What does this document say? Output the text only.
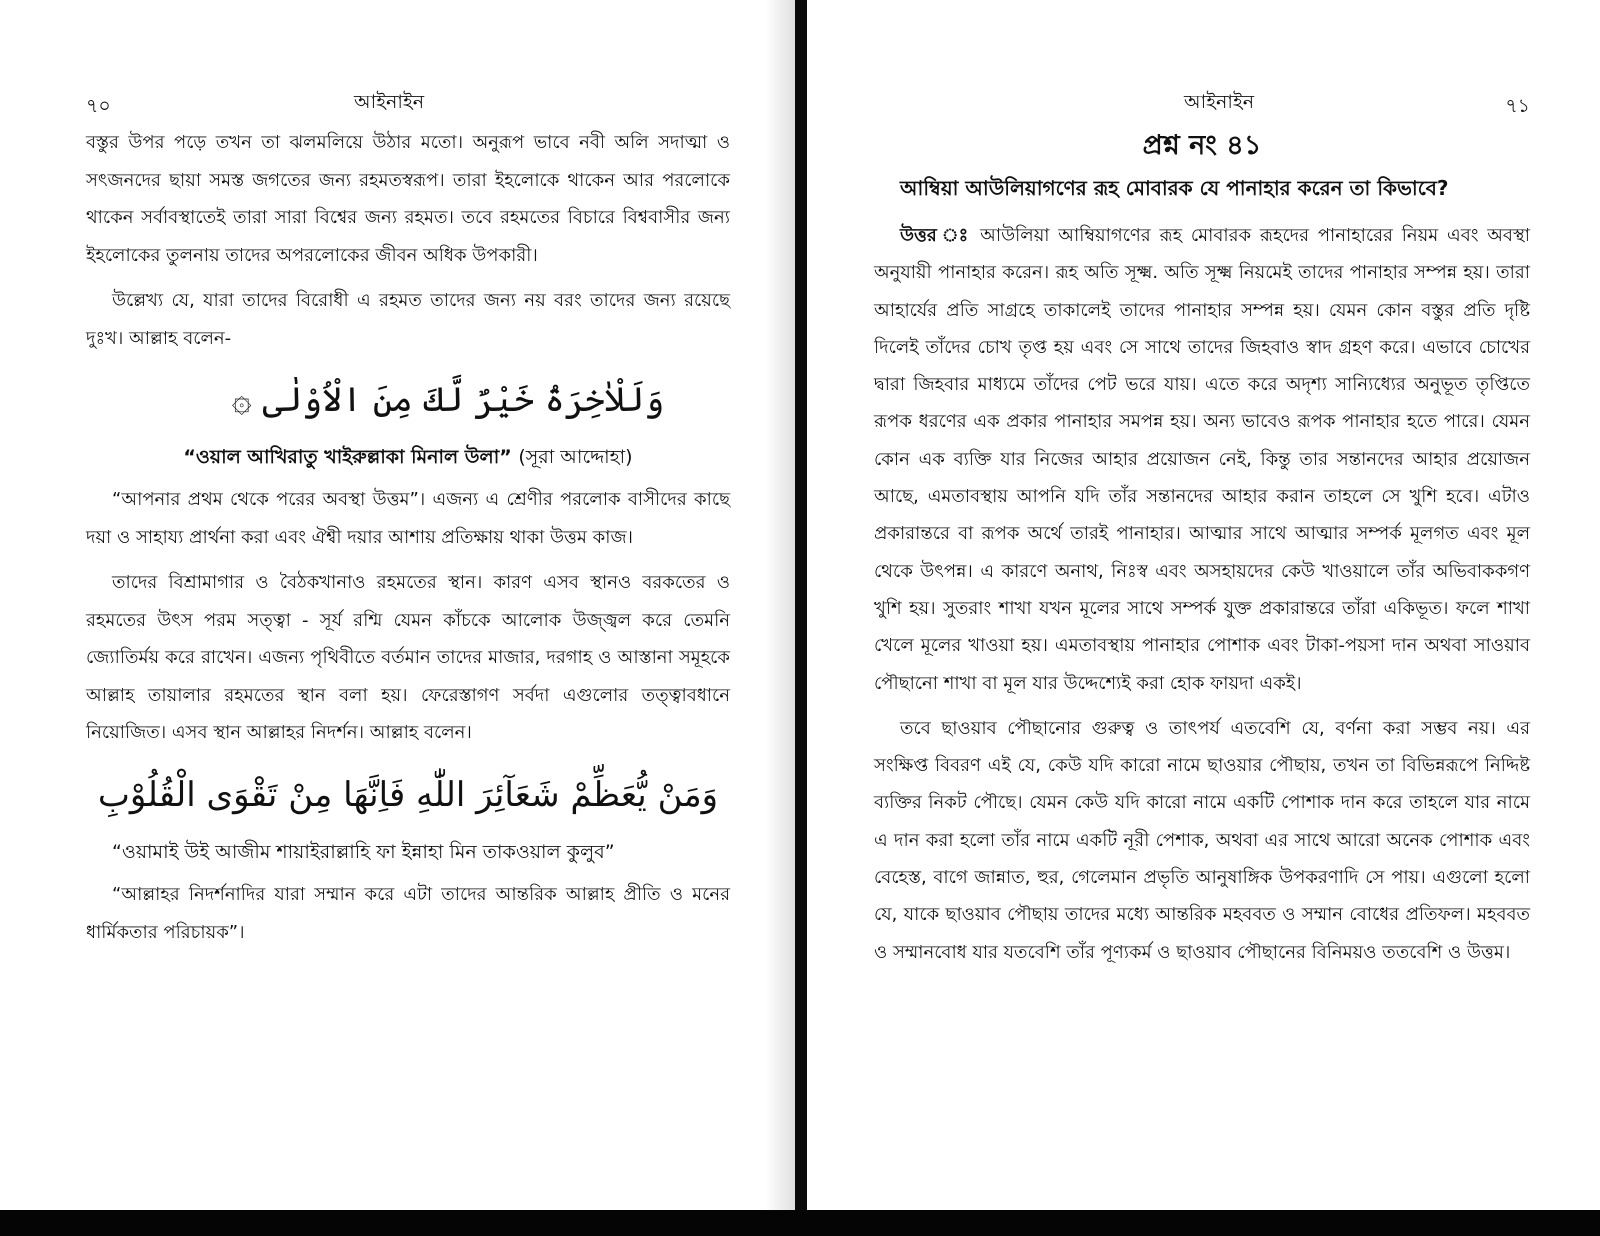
৭০	আইনাইন

বস্তুর উপর পড়ে তখন তা ঝলমলিয়ে উঠার মতো। অনুরূপ ভাবে নবী অলি সদাত্মা ও সৎজনদের ছায়া সমস্ত জগতের জন্য রহমতস্বরূপ। তারা ইহলোকে থাকেন আর পরলোকে থাকেন সর্বাবস্থাতেই তারা সারা বিশ্বের জন্য রহমত। তবে রহমতের বিচারে বিশ্ববাসীর জন্য ইহলোকের তুলনায় তাদের অপরলোকের জীবন অধিক উপকারী।

উল্লেখ্য যে, যারা তাদের বিরোধী এ রহমত তাদের জন্য নয় বরং তাদের জন্য রয়েছে দুঃখ। আল্লাহ বলেন-

وَلَلْاٰخِرَةُ خَيْرٌ لَّكَ مِنَ الْاُوْلٰى ۞
“ওয়াল আখিরাতু খাইরুল্লাকা মিনাল উলা” (সূরা আদ্দোহা)

“আপনার প্রথম থেকে পরের অবস্থা উত্তম”। এজন্য এ শ্রেণীর পরলোক বাসীদের কাছে দয়া ও সাহায্য প্রার্থনা করা এবং ঐশ্বী দয়ার আশায় প্রতিক্ষায় থাকা উত্তম কাজ।

তাদের বিশ্রামাগার ও বৈঠকখানাও রহমতের স্থান। কারণ এসব স্থানও বরকতের ও রহমতের উৎস পরম সত্ত্বা - সূর্য রশ্মি যেমন কাঁচকে আলোক উজ্জ্বল করে তেমনি জ্যোতির্ময় করে রাখেন। এজন্য পৃথিবীতে বর্তমান তাদের মাজার, দরগাহ ও আস্তানা সমূহকে আল্লাহ তায়ালার রহমতের স্থান বলা হয়। ফেরেস্তাগণ সর্বদা এগুলোর তত্ত্বাবধানে নিয়োজিত। এসব স্থান আল্লাহর নিদর্শন। আল্লাহ বলেন।

وَمَنْ يُّعَظِّمْ شَعَآئِرَ اللّٰهِ فَاِنَّهَا مِنْ تَقْوَى الْقُلُوْبِ

“ওয়ামাই উই আজীম শায়াইরাল্লাহি ফা ইন্নাহা মিন তাকওয়াল কুলুব”

“আল্লাহর নিদর্শনাদির যারা সম্মান করে এটা তাদের আন্তরিক আল্লাহ প্রীতি ও মনের ধার্মিকতার পরিচায়ক”।

আইনাইন	৭১
প্রশ্ন নং ৪১
আম্বিয়া আউলিয়াগণের রূহ মোবারক যে পানাহার করেন তা কিভাবে?

উত্তর ঃ আউলিয়া আম্বিয়াগণের রূহ মোবারক রূহদের পানাহারের নিয়ম এবং অবস্থা অনুযায়ী পানাহার করেন। রূহ অতি সূক্ষ্ম. অতি সূক্ষ্ম নিয়মেই তাদের পানাহার সম্পন্ন হয়। তারা আহার্যের প্রতি সাগ্রহে তাকালেই তাদের পানাহার সম্পন্ন হয়। যেমন কোন বস্তুর প্রতি দৃষ্টি দিলেই তাঁদের চোখ তৃপ্ত হয় এবং সে সাথে তাদের জিহবাও স্বাদ গ্রহণ করে। এভাবে চোখের দ্বারা জিহবার মাধ্যমে তাঁদের পেট ভরে যায়। এতে করে অদৃশ্য সান্যিধ্যের অনুভূত তৃপ্তিতে রূপক ধরণের এক প্রকার পানাহার সমপন্ন হয়। অন্য ভাবেও রূপক পানাহার হতে পারে। যেমন কোন এক ব্যক্তি যার নিজের আহার প্রয়োজন নেই, কিন্তু তার সন্তানদের আহার প্রয়োজন আছে, এমতাবস্থায় আপনি যদি তাঁর সন্তানদের আহার করান তাহলে সে খুশি হবে। এটাও প্রকারান্তরে বা রূপক অর্থে তারই পানাহার। আত্মার সাথে আত্মার সম্পর্ক মূলগত এবং মূল থেকে উৎপন্ন। এ কারণে অনাথ, নিঃস্ব এবং অসহায়দের কেউ খাওয়ালে তাঁর অভিবাককগণ খুশি হয়। সুতরাং শাখা যখন মূলের সাথে সম্পর্ক যুক্ত প্রকারান্তরে তাঁরা একিভূত। ফলে শাখা খেলে মূলের খাওয়া হয়। এমতাবস্থায় পানাহার পোশাক এবং টাকা-পয়সা দান অথবা সাওয়াব পৌছানো শাখা বা মূল যার উদ্দেশ্যেই করা হোক ফায়দা একই।

তবে ছাওয়াব পৌছানোর গুরুত্ব ও তাৎপর্য এতবেশি যে, বর্ণনা করা সম্ভব নয়। এর সংক্ষিপ্ত বিবরণ এই যে, কেউ যদি কারো নামে ছাওয়ার পৌছায়, তখন তা বিভিন্নরূপে নিদ্দিষ্ট ব্যক্তির নিকট পৌছে। যেমন কেউ যদি কারো নামে একটি পোশাক দান করে তাহলে যার নামে এ দান করা হলো তাঁর নামে একটি নূরী পেশাক, অথবা এর সাথে আরো অনেক পোশাক এবং বেহেস্ত, বাগে জান্নাত, হুর, গেলেমান প্রভৃতি আনুষাঙ্গিক উপকরণাদি সে পায়। এগুলো হলো যে, যাকে ছাওয়াব পৌছায় তাদের মধ্যে আন্তরিক মহববত ও সম্মান বোধের প্রতিফল। মহববত ও সম্মানবোধ যার যতবেশি তাঁর পূণ্যকর্ম ও ছাওয়াব পৌছানের বিনিময়ও ততবেশি ও উত্তম।
